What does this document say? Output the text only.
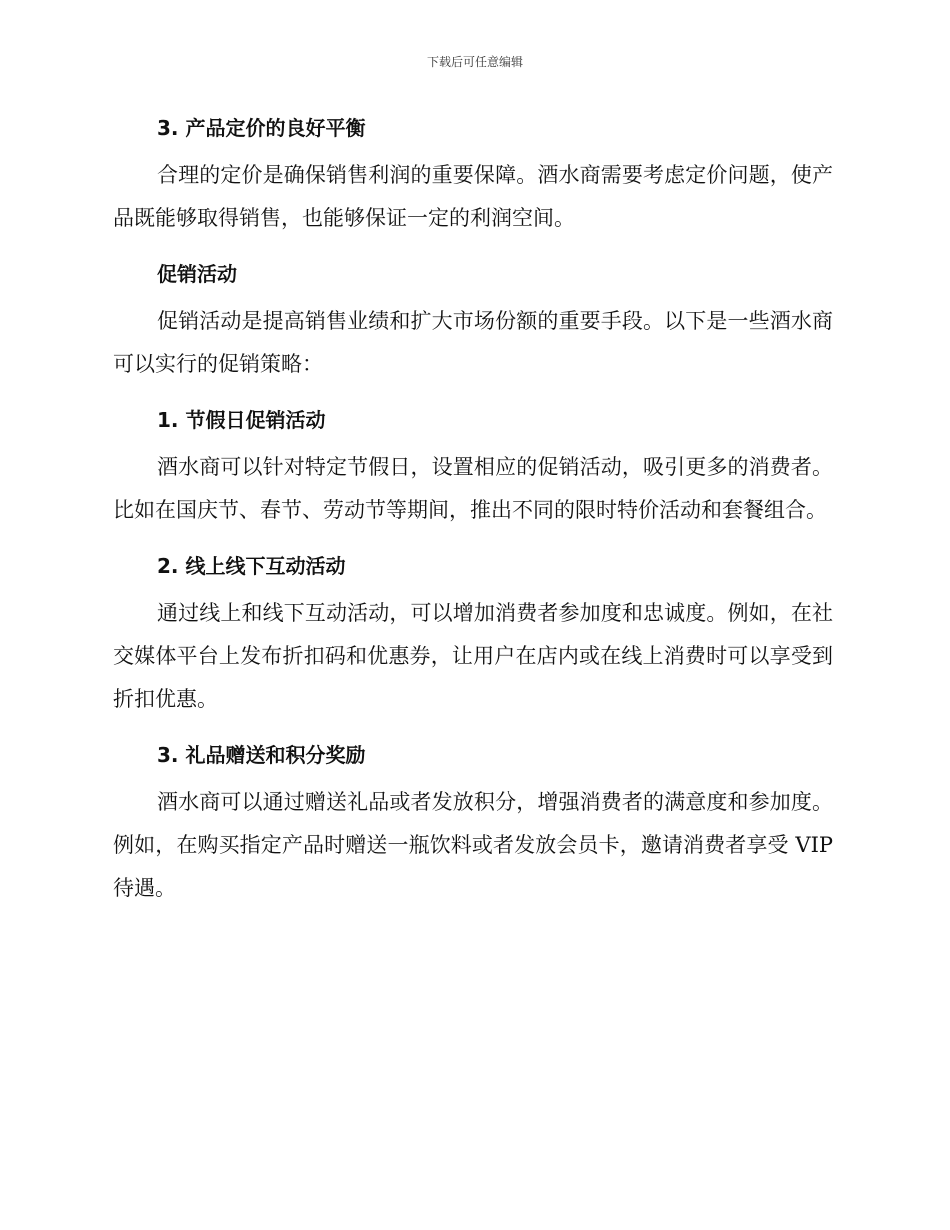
下载后可任意编辑
3. 产品定价的良好平衡
合理的定价是确保销售利润的重要保障。酒水商需要考虑定价问题，使产品既能够取得销售，也能够保证一定的利润空间。
促销活动
促销活动是提高销售业绩和扩大市场份额的重要手段。以下是一些酒水商可以实行的促销策略：
1. 节假日促销活动
酒水商可以针对特定节假日，设置相应的促销活动，吸引更多的消费者。比如在国庆节、春节、劳动节等期间，推出不同的限时特价活动和套餐组合。
2. 线上线下互动活动
通过线上和线下互动活动，可以增加消费者参加度和忠诚度。例如，在社交媒体平台上发布折扣码和优惠券，让用户在店内或在线上消费时可以享受到折扣优惠。
3. 礼品赠送和积分奖励
酒水商可以通过赠送礼品或者发放积分，增强消费者的满意度和参加度。例如，在购买指定产品时赠送一瓶饮料或者发放会员卡，邀请消费者享受 VIP 待遇。
